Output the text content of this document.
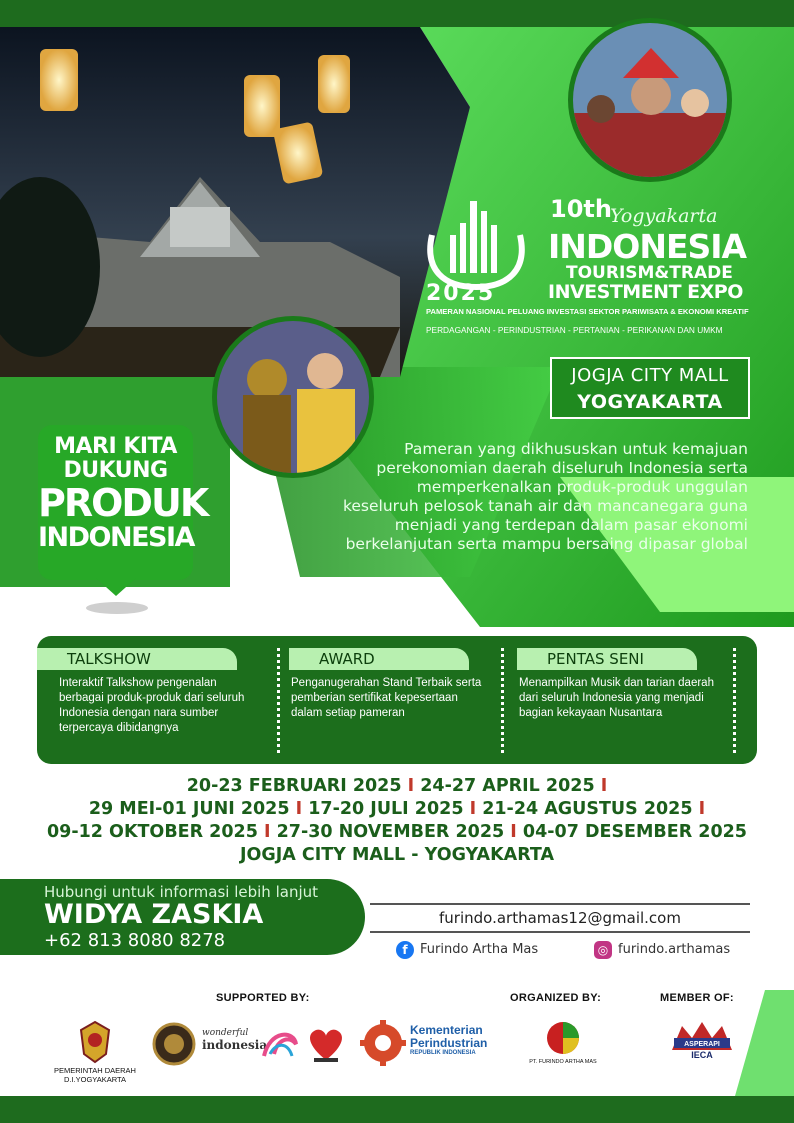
2025
10th
Yogyakarta
INDONESIA
TOURISM&TRADE
INVESTMENT EXPO
PAMERAN NASIONAL PELUANG INVESTASI SEKTOR PARIWISATA & EKONOMI KREATIF
PERDAGANGAN - PERINDUSTRIAN - PERTANIAN - PERIKANAN DAN UMKM
JOGJA CITY MALL
YOGYAKARTA
Pameran yang dikhususkan untuk kemajuan perekonomian daerah diseluruh Indonesia serta memperkenalkan produk-produk unggulan keseluruh pelosok tanah air dan mancanegara guna menjadi yang terdepan dalam pasar ekonomi berkelanjutan serta mampu bersaing dipasar global
MARI KITA
DUKUNG
PRODUK
INDONESIA
TALKSHOW
Interaktif Talkshow pengenalan berbagai produk-produk dari seluruh Indonesia dengan nara sumber terpercaya dibidangnya
AWARD
Penganugerahan Stand Terbaik serta pemberian sertifikat kepesertaan dalam setiap pameran
PENTAS SENI
Menampilkan Musik dan tarian daerah dari seluruh Indonesia yang menjadi bagian kekayaan Nusantara
20-23 FEBRUARI 2025 I 24-27 APRIL 2025 I
29 MEI-01 JUNI 2025 I 17-20 JULI 2025 I 21-24 AGUSTUS 2025 I
09-12 OKTOBER 2025 I 27-30 NOVEMBER 2025 I 04-07 DESEMBER 2025
JOGJA CITY MALL - YOGYAKARTA
Hubungi untuk informasi lebih lanjut
WIDYA ZASKIA
+62 813 8080 8278
furindo.arthamas12@gmail.com
f Furindo Artha Mas	◎ furindo.arthamas
SUPPORTED BY:	ORGANIZED BY:	MEMBER OF:
PEMERINTAH DAERAH
D.I.YOGYAKARTA
wonderful
indonesia
Kementerian
Perindustrian
REPUBLIK INDONESIA
PT. FURINDO ARTHA MAS
ASPERAPI
IECA
